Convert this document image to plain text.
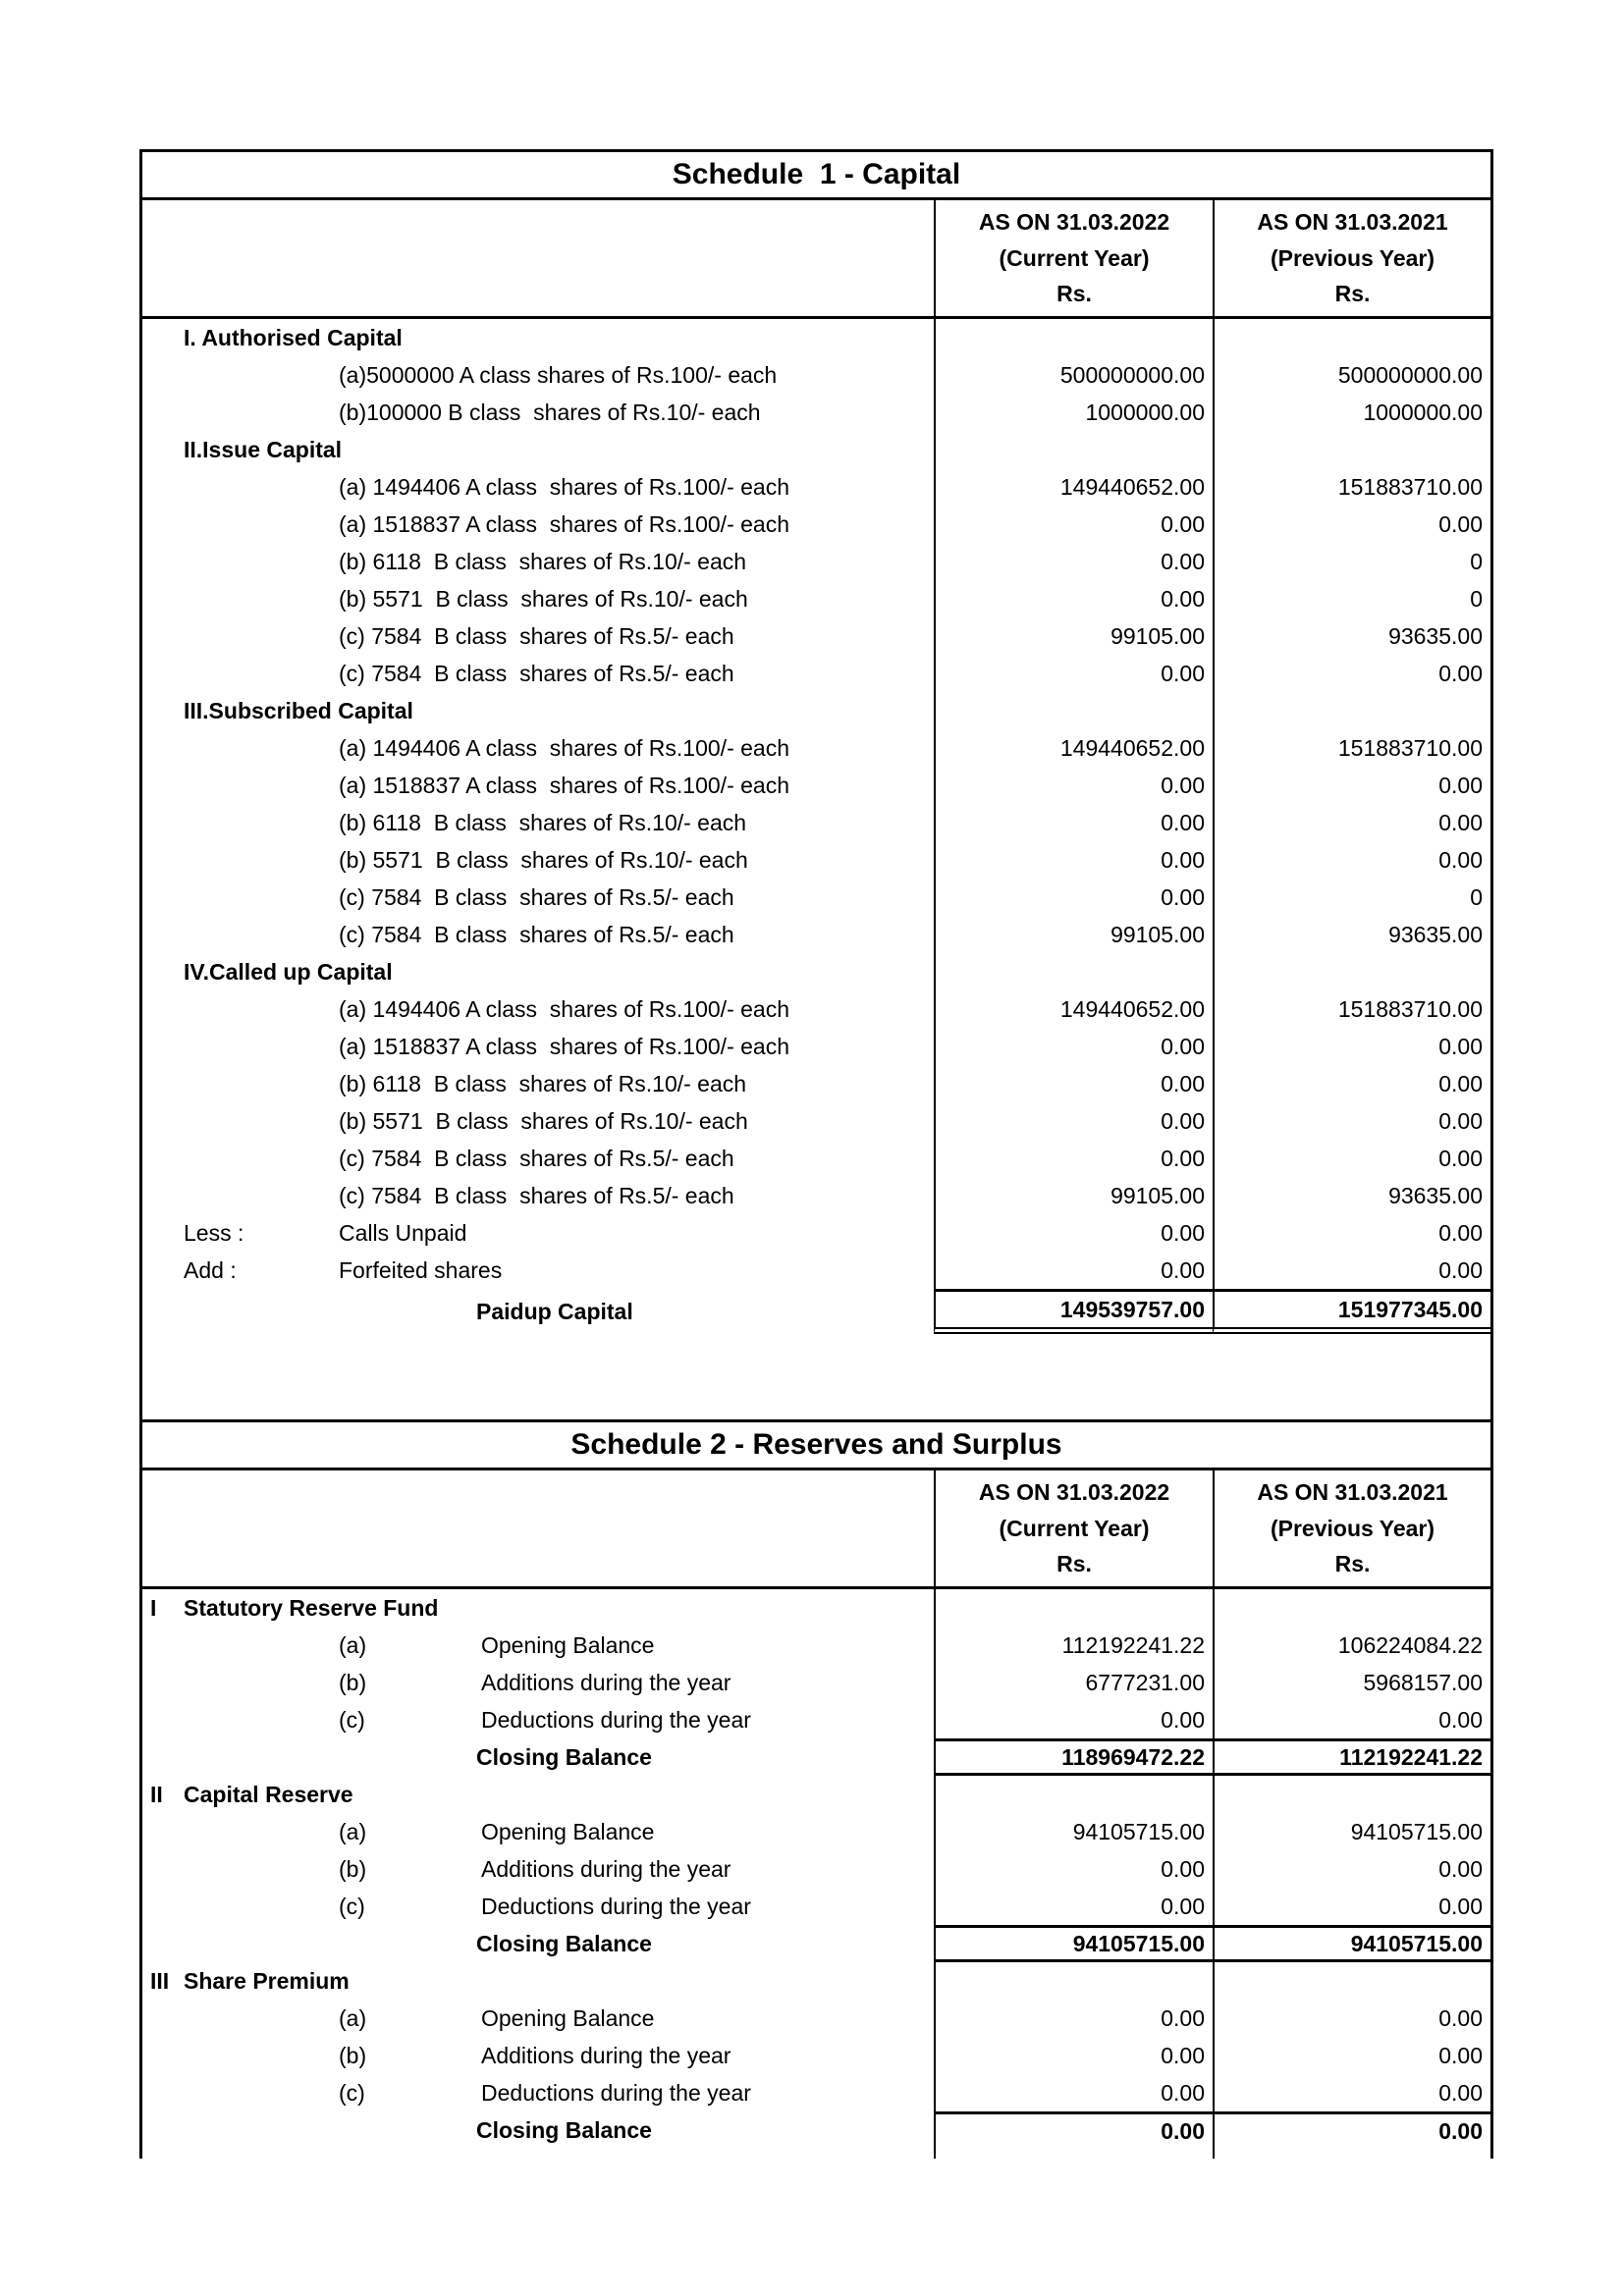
Schedule  1 - Capital
AS ON 31.03.2022
(Current Year)
Rs.
AS ON 31.03.2021
(Previous Year)
Rs.
I. Authorised Capital
(a)5000000 A class shares of Rs.100/- each	500000000.00	500000000.00
(b)100000 B class  shares of Rs.10/- each	1000000.00	1000000.00
II.Issue Capital
(a) 1494406 A class  shares of Rs.100/- each	149440652.00	151883710.00
(a) 1518837 A class  shares of Rs.100/- each	0.00	0.00
(b) 6118  B class  shares of Rs.10/- each	0.00	0
(b) 5571  B class  shares of Rs.10/- each	0.00	0
(c) 7584  B class  shares of Rs.5/- each	99105.00	93635.00
(c) 7584  B class  shares of Rs.5/- each	0.00	0.00
III.Subscribed Capital
(a) 1494406 A class  shares of Rs.100/- each	149440652.00	151883710.00
(a) 1518837 A class  shares of Rs.100/- each	0.00	0.00
(b) 6118  B class  shares of Rs.10/- each	0.00	0.00
(b) 5571  B class  shares of Rs.10/- each	0.00	0.00
(c) 7584  B class  shares of Rs.5/- each	0.00	0
(c) 7584  B class  shares of Rs.5/- each	99105.00	93635.00
IV.Called up Capital
(a) 1494406 A class  shares of Rs.100/- each	149440652.00	151883710.00
(a) 1518837 A class  shares of Rs.100/- each	0.00	0.00
(b) 6118  B class  shares of Rs.10/- each	0.00	0.00
(b) 5571  B class  shares of Rs.10/- each	0.00	0.00
(c) 7584  B class  shares of Rs.5/- each	0.00	0.00
(c) 7584  B class  shares of Rs.5/- each	99105.00	93635.00
Less :	Calls Unpaid	0.00	0.00
Add :	Forfeited shares	0.00	0.00
Paidup Capital	149539757.00	151977345.00
Schedule 2 - Reserves and Surplus
AS ON 31.03.2022
(Current Year)
Rs.
AS ON 31.03.2021
(Previous Year)
Rs.
I Statutory Reserve Fund
(a)	Opening Balance	112192241.22	106224084.22
(b)	Additions during the year	6777231.00	5968157.00
(c)	Deductions during the year	0.00	0.00
Closing Balance	118969472.22	112192241.22
II Capital Reserve
(a)	Opening Balance	94105715.00	94105715.00
(b)	Additions during the year	0.00	0.00
(c)	Deductions during the year	0.00	0.00
Closing Balance	94105715.00	94105715.00
III Share Premium
(a)	Opening Balance	0.00	0.00
(b)	Additions during the year	0.00	0.00
(c)	Deductions during the year	0.00	0.00
Closing Balance	0.00	0.00
